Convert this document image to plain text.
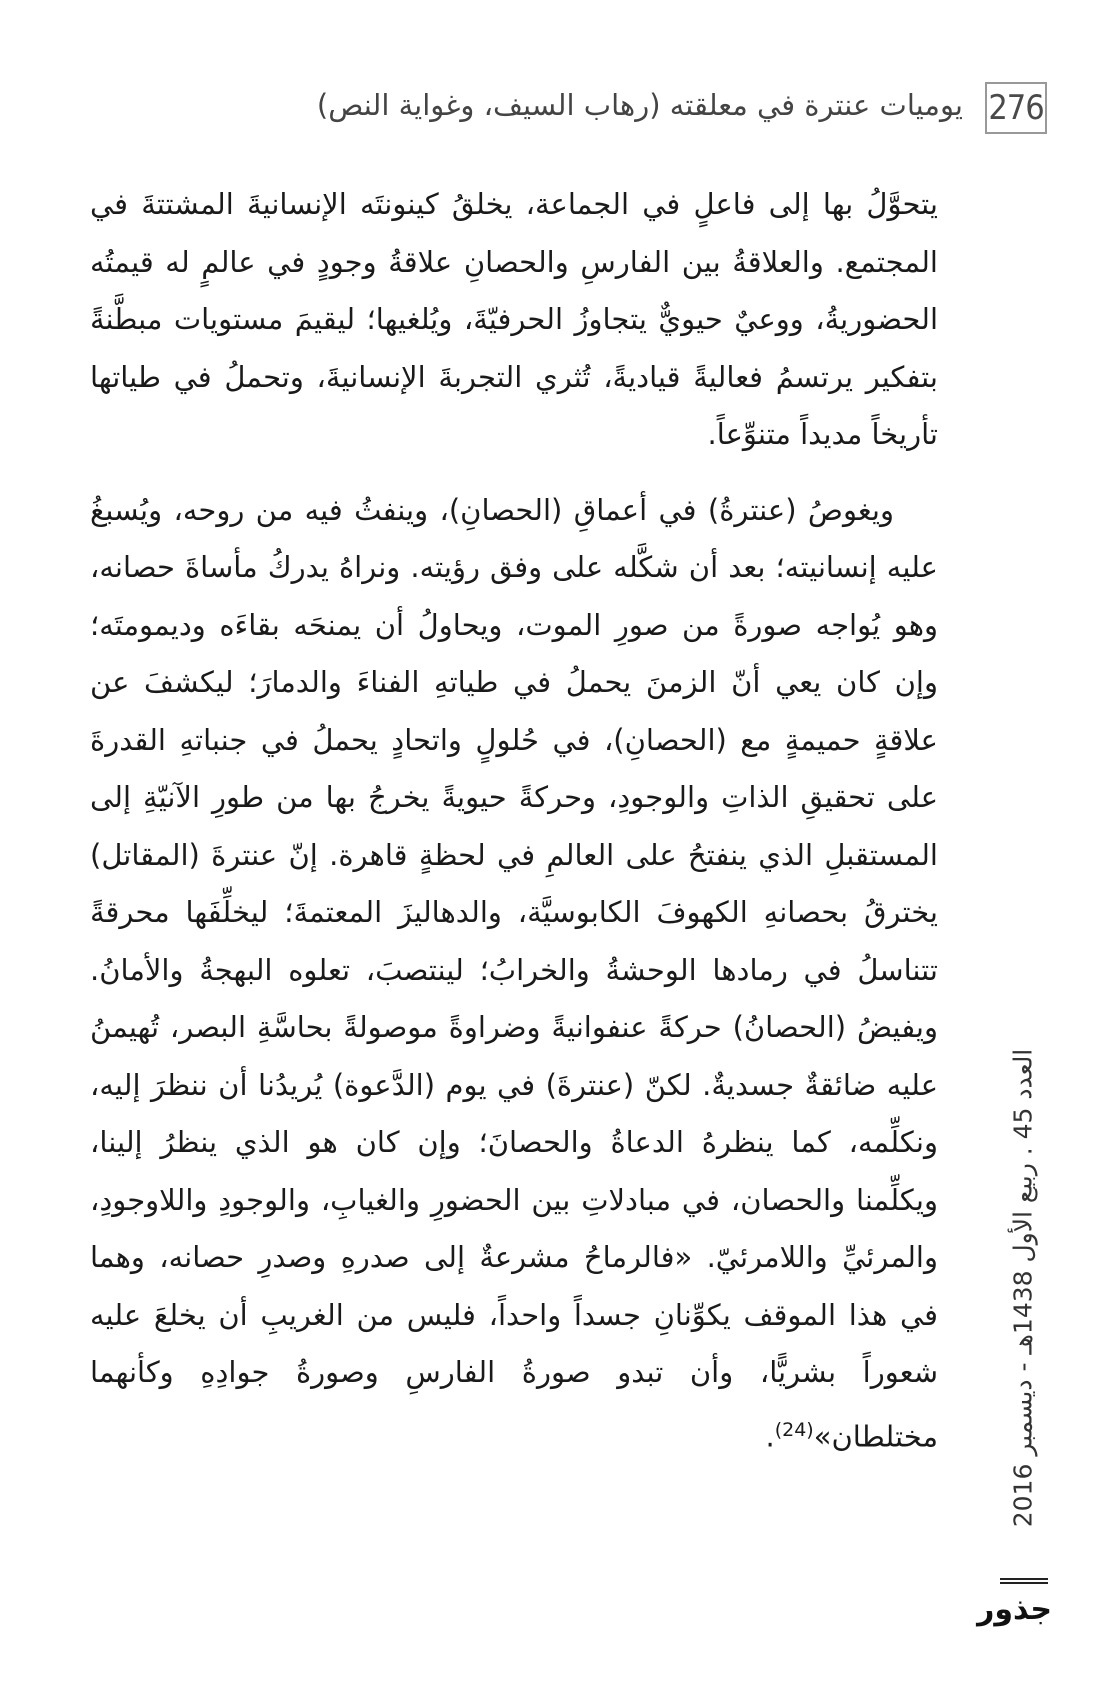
276
يوميات عنترة في معلقته (رهاب السيف، وغواية النص)

يتحوَّلُ بها إلى فاعلٍ في الجماعة، يخلقُ كينونتَه الإنسانيةَ المشتتةَ في المجتمع. والعلاقةُ بين الفارسِ والحصانِ علاقةُ وجودٍ في عالمٍ له قيمتُه الحضوريةُ، ووعيٌ حيويٌّ يتجاوزُ الحرفيّةَ، ويُلغيها؛ ليقيمَ مستويات مبطَّنةً بتفكير يرتسمُ فعاليةً قياديةً، تُثري التجربةَ الإنسانيةَ، وتحملُ في طياتها تأريخاً مديداً متنوِّعاً.

ويغوصُ (عنترةُ) في أعماقِ (الحصانِ)، وينفثُ فيه من روحه، ويُسبغُ عليه إنسانيته؛ بعد أن شكَّله على وفق رؤيته. ونراهُ يدركُ مأساةَ حصانه، وهو يُواجه صورةً من صورِ الموت، ويحاولُ أن يمنحَه بقاءَه وديمومتَه؛ وإن كان يعي أنّ الزمنَ يحملُ في طياتهِ الفناءَ والدمارَ؛ ليكشفَ عن علاقةٍ حميمةٍ مع (الحصانِ)، في حُلولٍ واتحادٍ يحملُ في جنباتهِ القدرةَ على تحقيقِ الذاتِ والوجودِ، وحركةً حيويةً يخرجُ بها من طورِ الآنيّةِ إلى المستقبلِ الذي ينفتحُ على العالمِ في لحظةٍ قاهرة. إنّ عنترةَ (المقاتل) يخترقُ بحصانهِ الكهوفَ الكابوسيَّة، والدهاليزَ المعتمةَ؛ ليخلِّفَها محرقةً تتناسلُ في رمادها الوحشةُ والخرابُ؛ لينتصبَ، تعلوه البهجةُ والأمانُ. ويفيضُ (الحصانُ) حركةً عنفوانيةً وضراوةً موصولةً بحاسَّةِ البصر، تُهيمنُ عليه ضائقةٌ جسديةٌ. لكنّ (عنترةَ) في يوم (الدَّعوة) يُريدُنا أن ننظرَ إليه، ونكلِّمه، كما ينظرهُ الدعاةُ والحصانَ؛ وإن كان هو الذي ينظرُ إلينا، ويكلِّمنا والحصان، في مبادلاتِ بين الحضورِ والغيابِ، والوجودِ واللاوجودِ، والمرئيِّ واللامرئيّ. «فالرماحُ مشرعةٌ إلى صدرهِ وصدرِ حصانه، وهما في هذا الموقف يكوِّنانِ جسداً واحداً، فليس من الغريبِ أن يخلعَ عليه شعوراً بشريًّا، وأن تبدو صورةُ الفارسِ وصورةُ جوادِهِ وكأنهما مختلطان»$^{(24)}$.

العدد 45 . ربيع الأول 1438هـ - ديسمبر 2016
جذور
